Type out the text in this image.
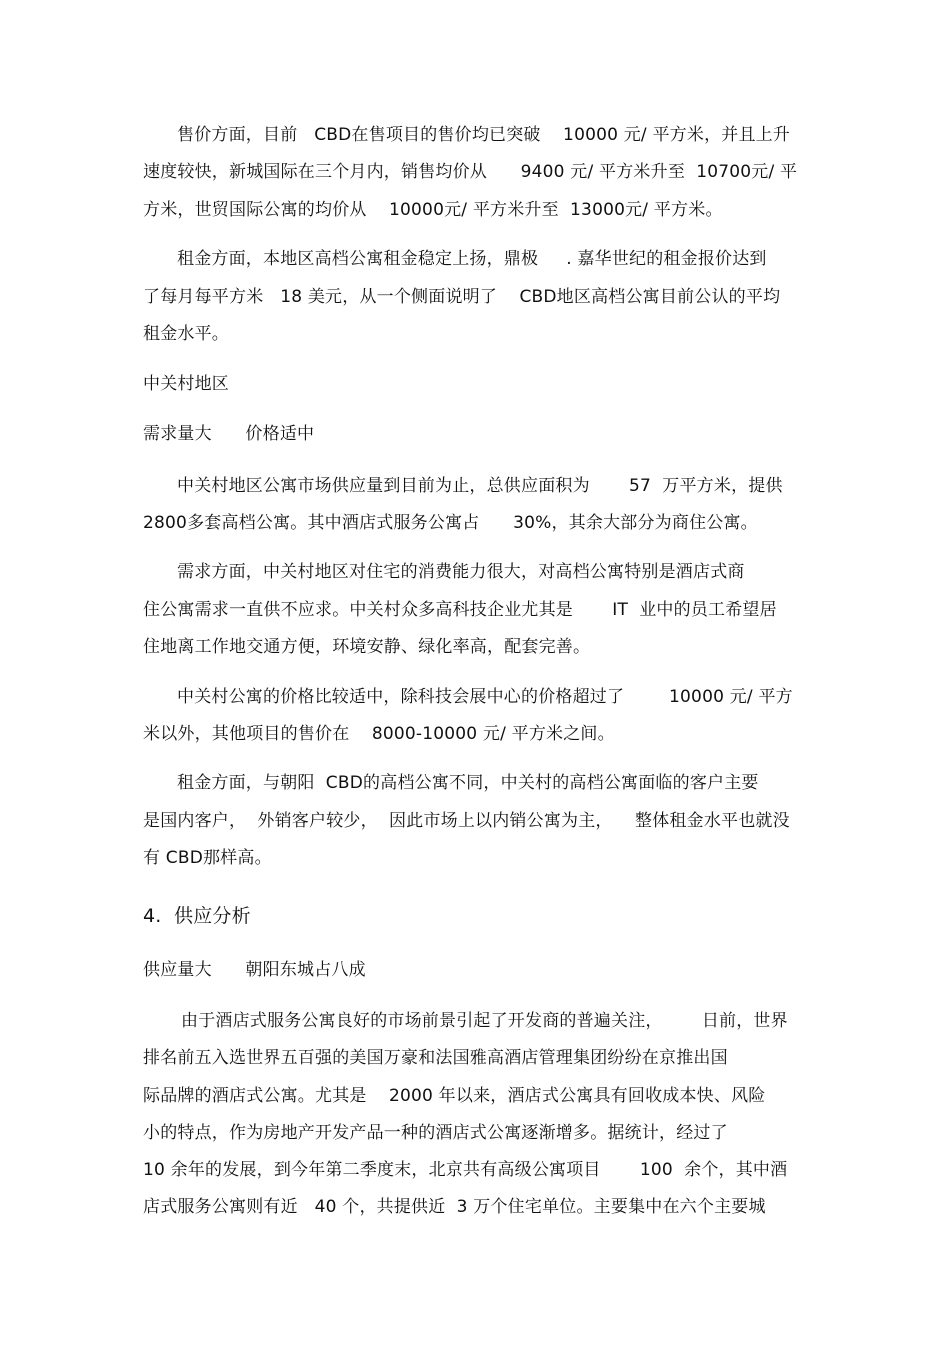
售价方面，目前   CBD在售项目的售价均已突破    10000 元/ 平方米，并且上升
速度较快，新城国际在三个月内，销售均价从      9400 元/ 平方米升至  10700元/ 平
方米，世贸国际公寓的均价从    10000元/ 平方米升至  13000元/ 平方米。
租金方面，本地区高档公寓租金稳定上扬，鼎极     . 嘉华世纪的租金报价达到
了每月每平方米   18 美元，从一个侧面说明了    CBD地区高档公寓目前公认的平均
租金水平。
中关村地区
需求量大      价格适中
中关村地区公寓市场供应量到目前为止，总供应面积为       57  万平方米，提供
2800多套高档公寓。其中酒店式服务公寓占      30%，其余大部分为商住公寓。
需求方面，中关村地区对住宅的消费能力很大，对高档公寓特别是酒店式商
住公寓需求一直供不应求。中关村众多高科技企业尤其是       IT  业中的员工希望居
住地离工作地交通方便，环境安静、绿化率高，配套完善。
中关村公寓的价格比较适中，除科技会展中心的价格超过了        10000 元/ 平方
米以外，其他项目的售价在    8000-10000 元/ 平方米之间。
租金方面，与朝阳  CBD的高档公寓不同，中关村的高档公寓面临的客户主要
是国内客户，  外销客户较少，  因此市场上以内销公寓为主，    整体租金水平也就没
有 CBD那样高。
4.  供应分析
供应量大      朝阳东城占八成
由于酒店式服务公寓良好的市场前景引起了开发商的普遍关注，       日前，世界
排名前五入选世界五百强的美国万豪和法国雅高酒店管理集团纷纷在京推出国
际品牌的酒店式公寓。尤其是    2000 年以来，酒店式公寓具有回收成本快、风险
小的特点，作为房地产开发产品一种的酒店式公寓逐渐增多。据统计，经过了
10 余年的发展，到今年第二季度末，北京共有高级公寓项目       100  余个，其中酒
店式服务公寓则有近   40 个，共提供近  3 万个住宅单位。主要集中在六个主要城
